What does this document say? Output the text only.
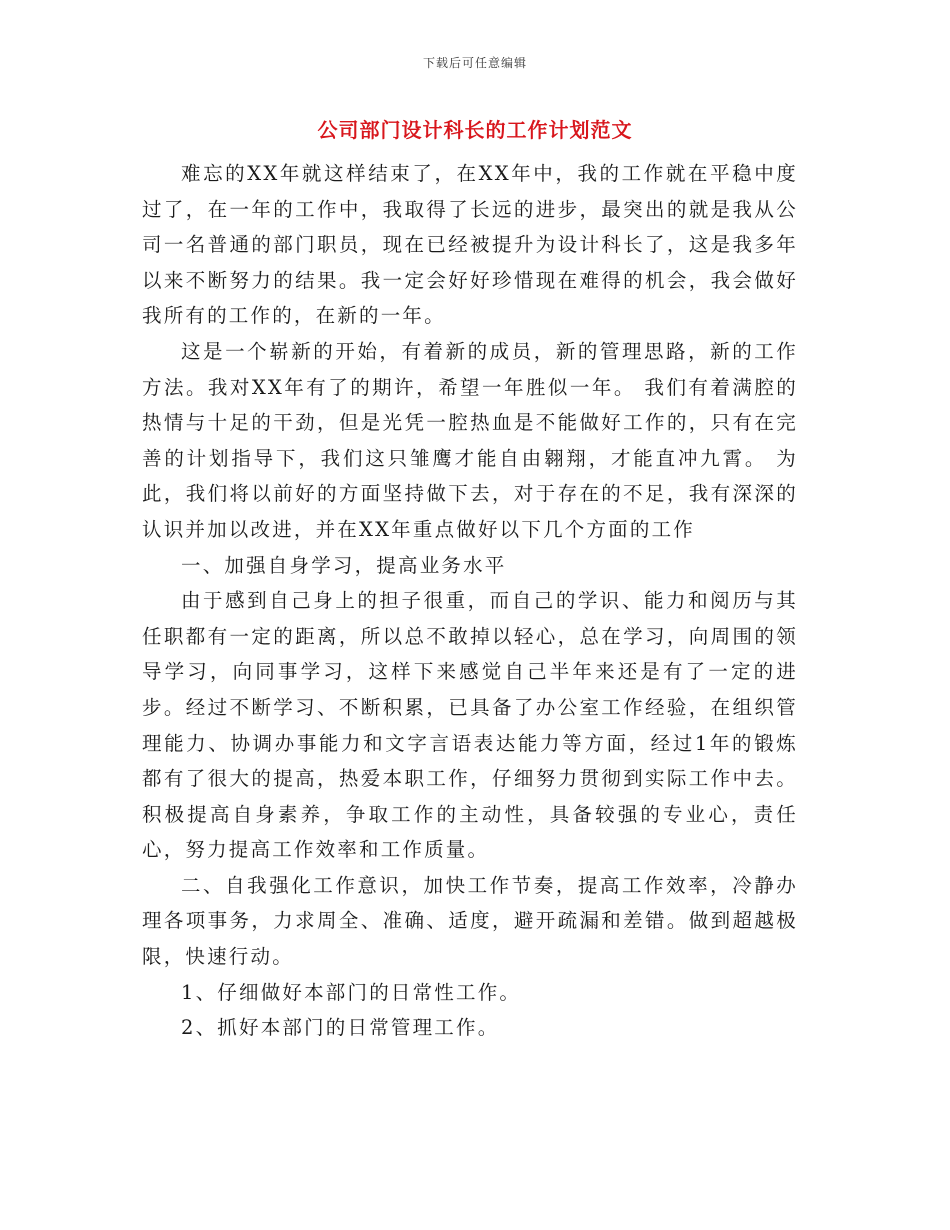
下载后可任意编辑
公司部门设计科长的工作计划范文

难忘的XX年就这样结束了，在XX年中，我的工作就在平稳中度过了，在一年的工作中，我取得了长远的进步，最突出的就是我从公司一名普通的部门职员，现在已经被提升为设计科长了，这是我多年以来不断努力的结果。我一定会好好珍惜现在难得的机会，我会做好我所有的工作的，在新的一年。

这是一个崭新的开始，有着新的成员，新的管理思路，新的工作方法。我对XX年有了的期许，希望一年胜似一年。 我们有着满腔的热情与十足的干劲，但是光凭一腔热血是不能做好工作的，只有在完善的计划指导下，我们这只雏鹰才能自由翱翔，才能直冲九霄。 为此，我们将以前好的方面坚持做下去，对于存在的不足，我有深深的认识并加以改进，并在XX年重点做好以下几个方面的工作

一、加强自身学习，提高业务水平

由于感到自己身上的担子很重，而自己的学识、能力和阅历与其任职都有一定的距离，所以总不敢掉以轻心，总在学习，向周围的领导学习，向同事学习，这样下来感觉自己半年来还是有了一定的进步。经过不断学习、不断积累，已具备了办公室工作经验，在组织管理能力、协调办事能力和文字言语表达能力等方面，经过1年的锻炼都有了很大的提高，热爱本职工作，仔细努力贯彻到实际工作中去。积极提高自身素养，争取工作的主动性，具备较强的专业心，责任心，努力提高工作效率和工作质量。

二、自我强化工作意识，加快工作节奏，提高工作效率，冷静办理各项事务，力求周全、准确、适度，避开疏漏和差错。做到超越极限，快速行动。

1、仔细做好本部门的日常性工作。

2、抓好本部门的日常管理工作。
